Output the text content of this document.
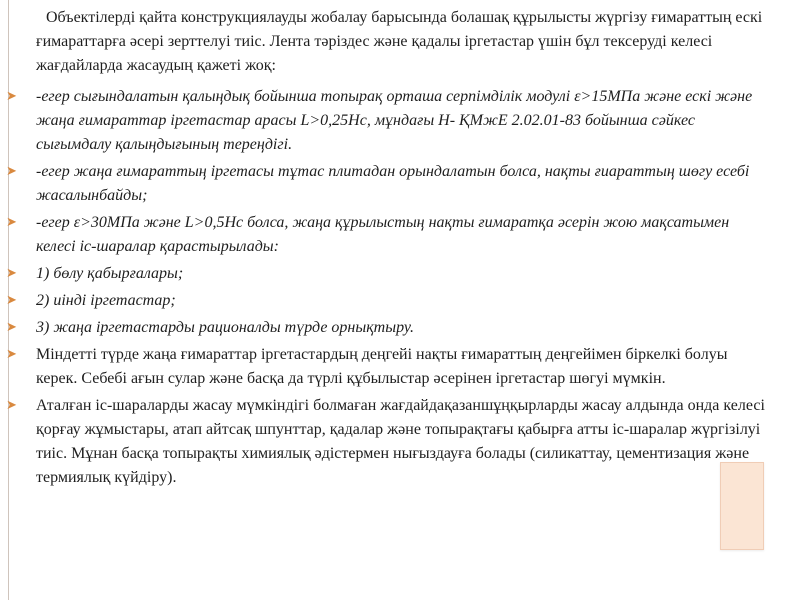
Объектілерді қайта конструкциялауды жобалау барысында болашақ құрылысты жүргізу ғимараттың ескі ғимараттарға әсері зерттелуі тиіс. Лента тәріздес және қадалы іргетастар үшін бұл тексеруді келесі жағдайларда жасаудың қажеті жоқ:

➤ -егер сығындалатын қалыңдық бойынша топырақ орташа серпімділік модулі ε>15МПа және ескі және жаңа ғимараттар іргетастар арасы L>0,25Нс, мұндағы Н- ҚМжЕ 2.02.01-83 бойынша сәйкес сығымдалу қалыңдығының тереңдігі.

➤ -егер жаңа ғимараттың іргетасы тұтас плитадан орындалатын болса, нақты ғиараттың шөгу есебі жасалынбайды;

➤ -егер ε>30МПа және L>0,5Нс болса, жаңа құрылыстың нақты ғимаратқа әсерін жою мақсатымен келесі іс-шаралар қарастырылады:

➤ 1) бөлу қабырғалары;

➤ 2) иінді іргетастар;

➤ 3) жаңа іргетастарды рационалды түрде орнықтыру.

➤ Міндетті түрде жаңа ғимараттар іргетастардың деңгейі нақты ғимараттың деңгейімен біркелкі болуы керек. Себебі ағын сулар және басқа да түрлі құбылыстар әсерінен іргетастар шөгуі мүмкін.

➤ Аталған іс-шараларды жасау мүмкіндігі болмаған жағдайдақазаншұңқырларды жасау алдында онда келесі қорғау жұмыстары, атап айтсақ шпунттар, қадалар және топырақтағы қабырға атты іс-шаралар жүргізілуі тиіс. Мұнан басқа топырақты химиялық әдістермен нығыздауға болады (силикаттау, цементизация және термиялық күйдіру).
